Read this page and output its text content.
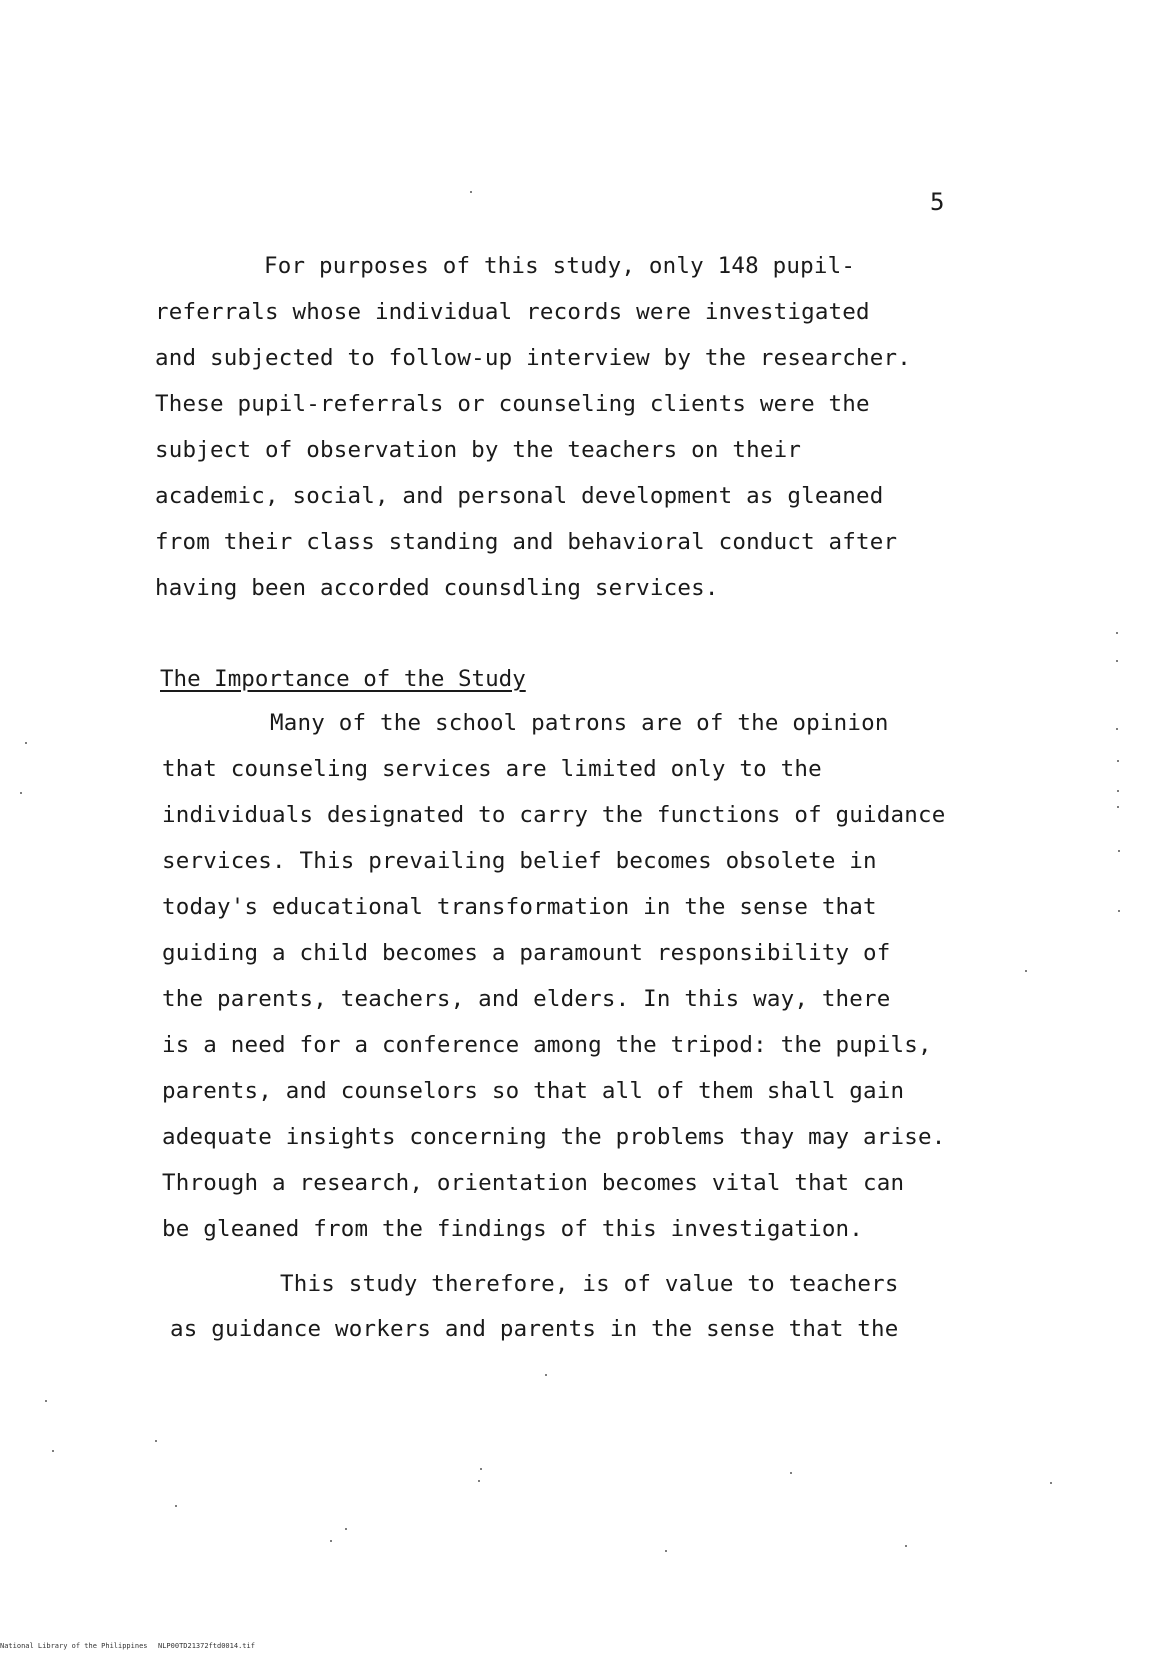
5
For purposes of this study, only 148 pupil-
referrals whose individual records were investigated
and subjected to follow-up interview by the researcher.
These pupil-referrals or counseling clients were the
subject of observation by the teachers on their
academic, social, and personal development as gleaned
from their class standing and behavioral conduct after
having been accorded counsdling services.
The Importance of the Study
Many of the school patrons are of the opinion
that counseling services are limited only to the
individuals designated to carry the functions of guidance
services. This prevailing belief becomes obsolete in
today's educational transformation in the sense that
guiding a child becomes a paramount responsibility of
the parents, teachers, and elders. In this way, there
is a need for a conference among the tripod: the pupils,
parents, and counselors so that all of them shall gain
adequate insights concerning the problems thay may arise.
Through a research, orientation becomes vital that can
be gleaned from the findings of this investigation.
This study therefore, is of value to teachers
as guidance workers and parents in the sense that the
National Library of the Philippines NLP00TD21372ftd0014.tif
